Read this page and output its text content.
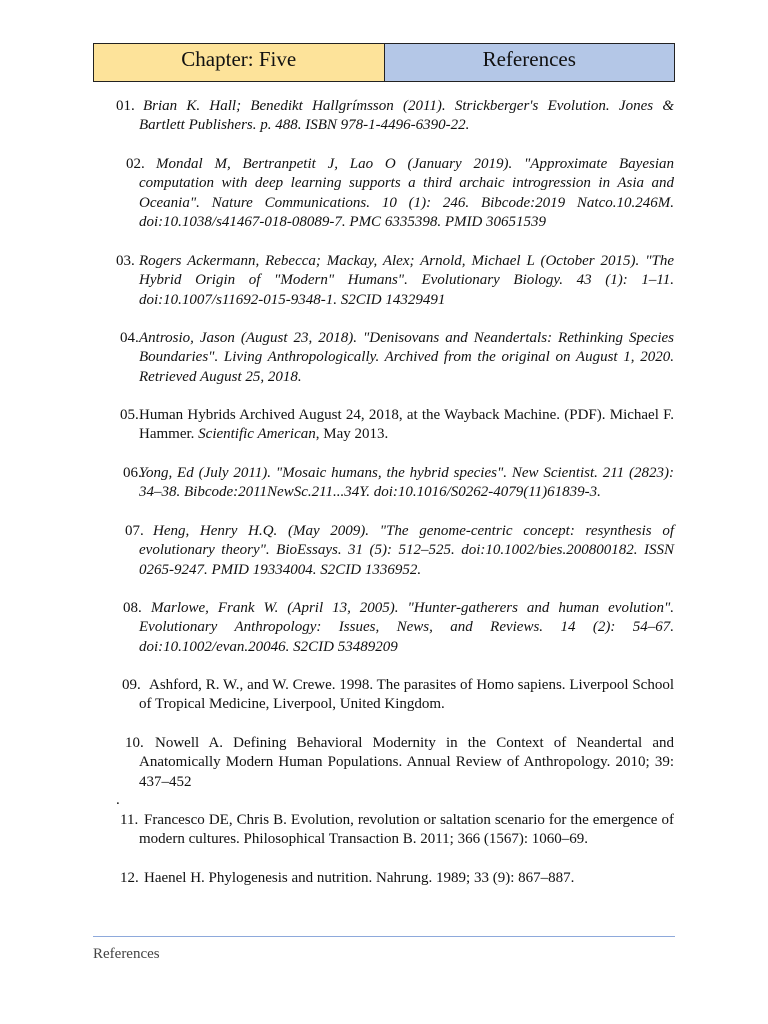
Chapter: Five	References
01. Brian K. Hall; Benedikt Hallgrímsson (2011). Strickberger's Evolution. Jones & Bartlett Publishers. p. 488. ISBN 978-1-4496-6390-22.
02. Mondal M, Bertranpetit J, Lao O (January 2019). "Approximate Bayesian computation with deep learning supports a third archaic introgression in Asia and Oceania". Nature Communications. 10 (1): 246. Bibcode:2019 Natco.10.246M. doi:10.1038/s41467-018-08089-7. PMC 6335398. PMID 30651539
03. Rogers Ackermann, Rebecca; Mackay, Alex; Arnold, Michael L (October 2015). "The Hybrid Origin of "Modern" Humans". Evolutionary Biology. 43 (1): 1–11. doi:10.1007/s11692-015-9348-1. S2CID 14329491
04. Antrosio, Jason (August 23, 2018). "Denisovans and Neandertals: Rethinking Species Boundaries". Living Anthropologically. Archived from the original on August 1, 2020. Retrieved August 25, 2018.
05. Human Hybrids Archived August 24, 2018, at the Wayback Machine. (PDF). Michael F. Hammer. Scientific American, May 2013.
06.
Yong, Ed (July 2011). "Mosaic humans, the hybrid species". New Scientist. 211 (2823): 34–38. Bibcode:2011NewSc.211...34Y. doi:10.1016/S0262-4079(11)61839-3.
07. Heng, Henry H.Q. (May 2009). "The genome-centric concept: resynthesis of evolutionary theory". BioEssays. 31 (5): 512–525. doi:10.1002/bies.200800182. ISSN 0265-9247. PMID 19334004. S2CID 1336952.
08. Marlowe, Frank W. (April 13, 2005). "Hunter-gatherers and human evolution". Evolutionary Anthropology: Issues, News, and Reviews. 14 (2): 54–67. doi:10.1002/evan.20046. S2CID 53489209
09. Ashford, R. W., and W. Crewe. 1998. The parasites of Homo sapiens. Liverpool School of Tropical Medicine, Liverpool, United Kingdom.
10. Nowell A. Defining Behavioral Modernity in the Context of Neandertal and Anatomically Modern Human Populations. Annual Review of Anthropology. 2010; 39: 437–452
11. Francesco DE, Chris B. Evolution, revolution or saltation scenario for the emergence of modern cultures. Philosophical Transaction B. 2011; 366 (1567): 1060–69.
12. Haenel H. Phylogenesis and nutrition. Nahrung. 1989; 33 (9): 867–887.
.
References
